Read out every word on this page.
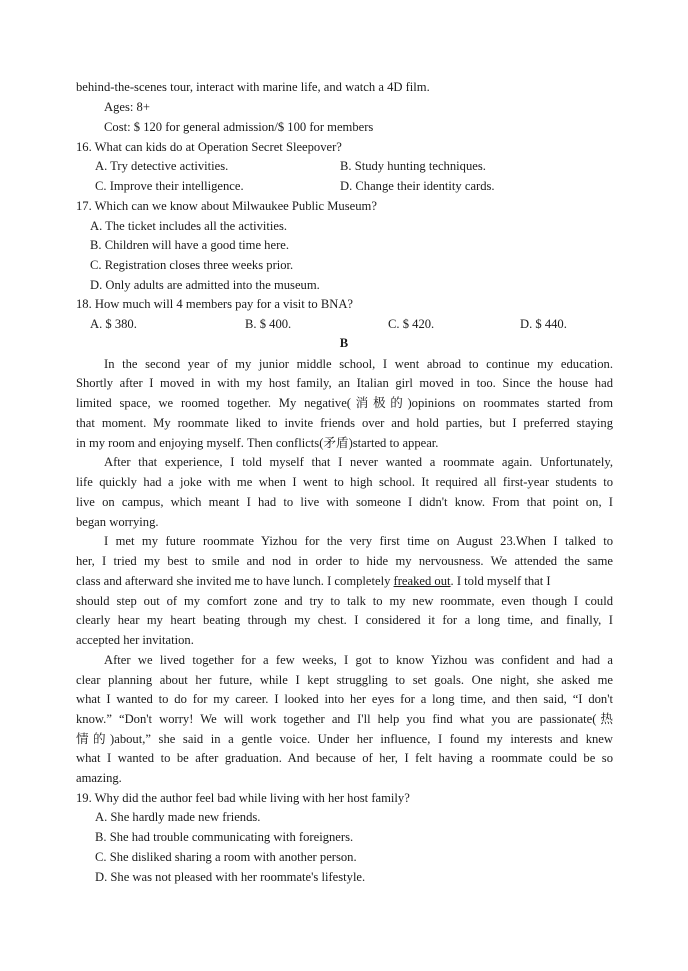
behind-the-scenes tour, interact with marine life, and watch a 4D film.
Ages: 8+
Cost: $ 120 for general admission/$ 100 for members
16. What can kids do at Operation Secret Sleepover?
A. Try detective activities.	B. Study hunting techniques.
C. Improve their intelligence.	D. Change their identity cards.
17. Which can we know about Milwaukee Public Museum?
A. The ticket includes all the activities.
B. Children will have a good time here.
C. Registration closes three weeks prior.
D. Only adults are admitted into the museum.
18. How much will 4 members pay for a visit to BNA?
A. $ 380.	B. $ 400.	C. $ 420.	D. $ 440.
B
In the second year of my junior middle school, I went abroad to continue my education.
Shortly after I moved in with my host family, an Italian girl moved in too. Since the house had
limited space, we roomed together. My negative(消极的)opinions on roommates started from
that moment. My roommate liked to invite friends over and hold parties, but I preferred staying
in my room and enjoying myself. Then conflicts(矛盾)started to appear.
After that experience, I told myself that I never wanted a roommate again. Unfortunately,
life quickly had a joke with me when I went to high school. It required all first-year students to
live on campus, which meant I had to live with someone I didn't know. From that point on, I
began worrying.
I met my future roommate Yizhou for the very first time on August 23.When I talked to
her, I tried my best to smile and nod in order to hide my nervousness. We attended the same
class and afterward she invited me to have lunch. I completely freaked out. I told myself that I
should step out of my comfort zone and try to talk to my new roommate, even though I could
clearly hear my heart beating through my chest. I considered it for a long time, and finally, I
accepted her invitation.
After we lived together for a few weeks, I got to know Yizhou was confident and had a
clear planning about her future, while I kept struggling to set goals. One night, she asked me
what I wanted to do for my career. I looked into her eyes for a long time, and then said, “I don't
know.” “Don't worry! We will work together and I'll help you find what you are passionate(热
情的)about,” she said in a gentle voice. Under her influence, I found my interests and knew
what I wanted to be after graduation. And because of her, I felt having a roommate could be so
amazing.
19. Why did the author feel bad while living with her host family?
A. She hardly made new friends.
B. She had trouble communicating with foreigners.
C. She disliked sharing a room with another person.
D. She was not pleased with her roommate's lifestyle.
